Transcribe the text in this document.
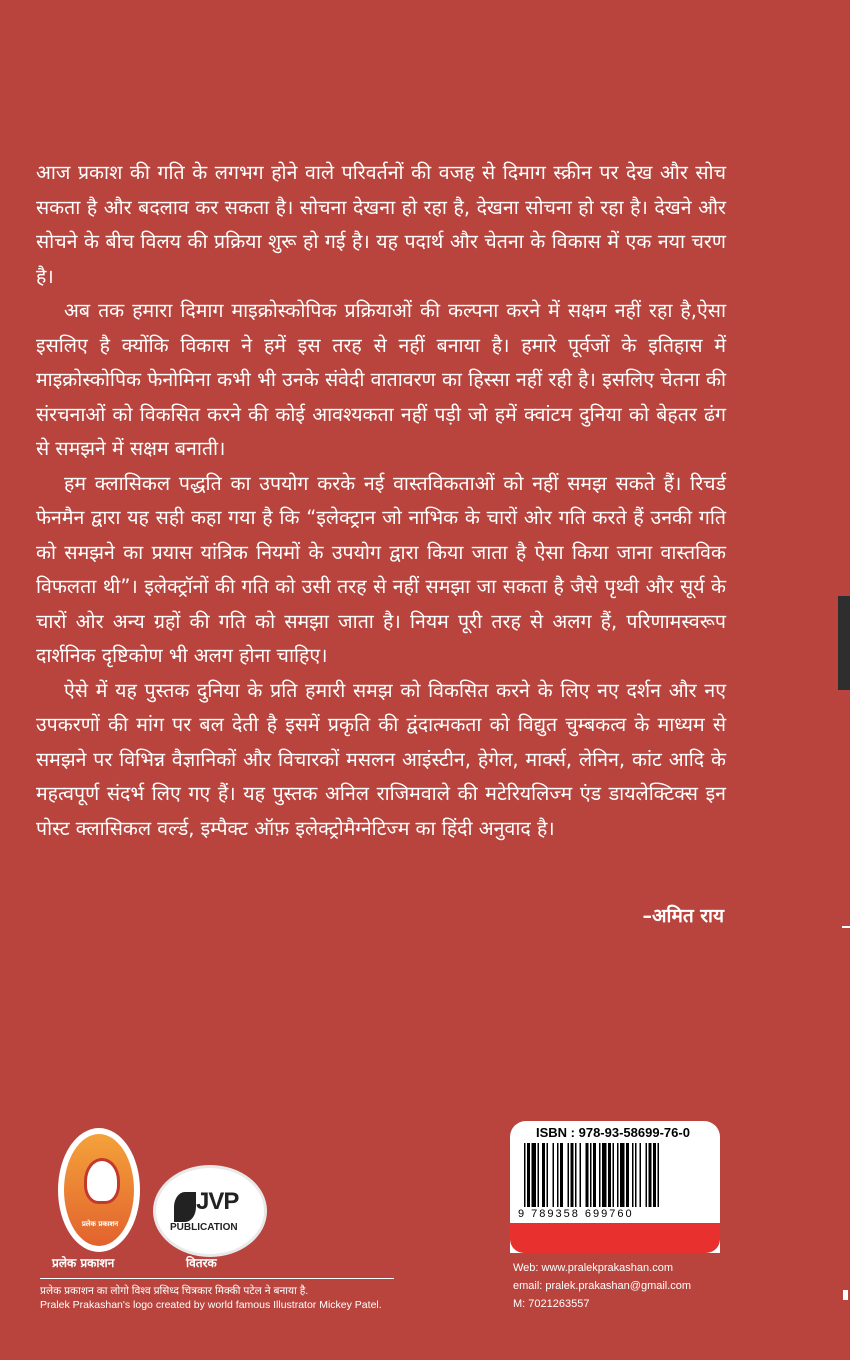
आज प्रकाश की गति के लगभग होने वाले परिवर्तनों की वजह से दिमाग स्क्रीन पर देख और सोच सकता है और बदलाव कर सकता है। सोचना देखना हो रहा है, देखना सोचना हो रहा है। देखने और सोचने के बीच विलय की प्रक्रिया शुरू हो गई है। यह पदार्थ और चेतना के विकास में एक नया चरण है।

अब तक हमारा दिमाग माइक्रोस्कोपिक प्रक्रियाओं की कल्पना करने में सक्षम नहीं रहा है,ऐसा इसलिए है क्योंकि विकास ने हमें इस तरह से नहीं बनाया है। हमारे पूर्वजों के इतिहास में माइक्रोस्कोपिक फेनोमिना कभी भी उनके संवेदी वातावरण का हिस्सा नहीं रही है। इसलिए चेतना की संरचनाओं को विकसित करने की कोई आवश्यकता नहीं पड़ी जो हमें क्वांटम दुनिया को बेहतर ढंग से समझने में सक्षम बनाती।

हम क्लासिकल पद्धति का उपयोग करके नई वास्तविकताओं को नहीं समझ सकते हैं। रिचर्ड फेनमैन द्वारा यह सही कहा गया है कि “इलेक्ट्रान जो नाभिक के चारों ओर गति करते हैं उनकी गति को समझने का प्रयास यांत्रिक नियमों के उपयोग द्वारा किया जाता है ऐसा किया जाना वास्तविक विफलता थी”। इलेक्ट्रॉनों की गति को उसी तरह से नहीं समझा जा सकता है जैसे पृथ्वी और सूर्य के चारों ओर अन्य ग्रहों की गति को समझा जाता है। नियम पूरी तरह से अलग हैं, परिणामस्वरूप दार्शनिक दृष्टिकोण भी अलग होना चाहिए।

ऐसे में यह पुस्तक दुनिया के प्रति हमारी समझ को विकसित करने के लिए नए दर्शन और नए उपकरणों की मांग पर बल देती है इसमें प्रकृति की द्वंदात्मकता को विद्युत चुम्बकत्व के माध्यम से समझने पर विभिन्न वैज्ञानिकों और विचारकों मसलन आइंस्टीन, हेगेल, मार्क्स, लेनिन, कांट आदि के महत्वपूर्ण संदर्भ लिए गए हैं। यह पुस्तक अनिल राजिमवाले की मटेरियलिज्म एंड डायलेक्टिक्स इन पोस्ट क्लासिकल वर्ल्ड, इम्पैक्ट ऑफ़ इलेक्ट्रोमैग्नेटिज्म का हिंदी अनुवाद है।

–अमित राय
प्रलेक प्रकाशन
प्रलेक प्रकाशन
JVP
PUBLICATION
वितरक
प्रलेक प्रकाशन का लोगो विश्व प्रसिध्द चित्रकार मिक्की पटेल ने बनाया है.
Pralek Prakashan's logo created by world famous Illustrator Mickey Patel.
ISBN : 978-93-58699-76-0
9 789358 699760
Web: www.pralekprakashan.com
email: pralek.prakashan@gmail.com
M: 7021263557
